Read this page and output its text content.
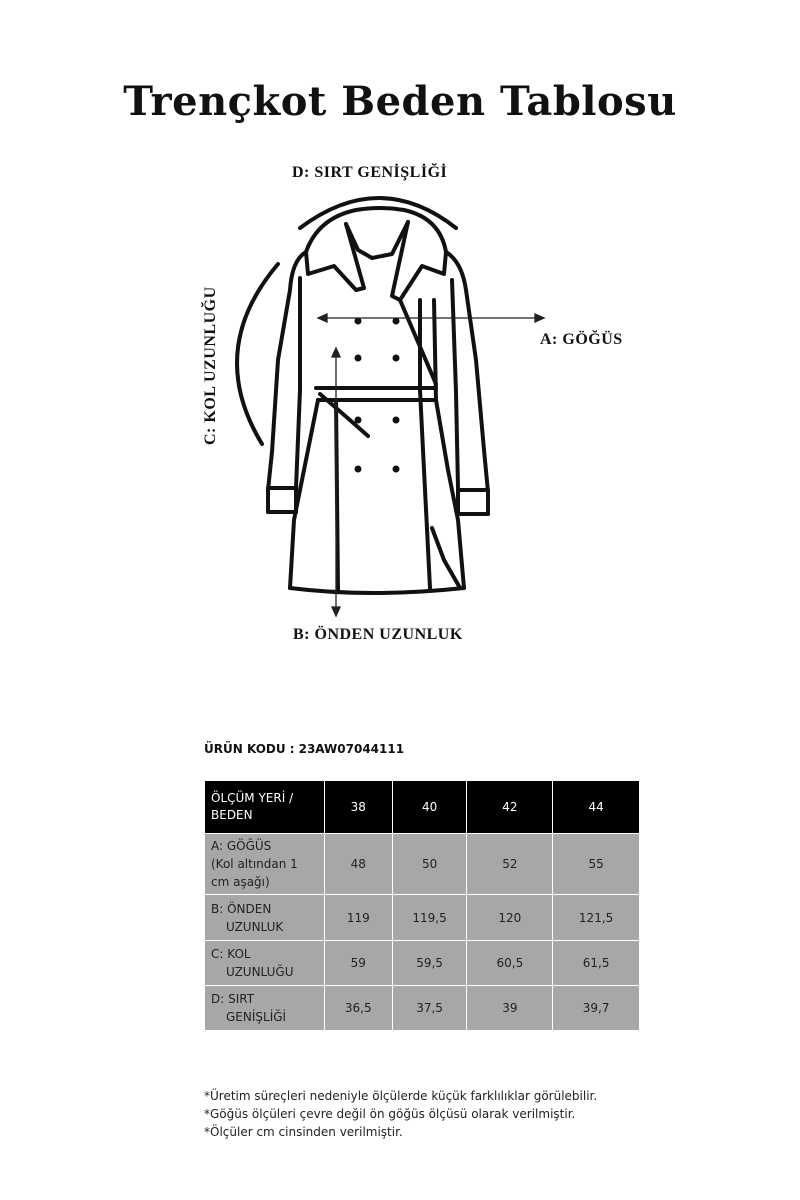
Trençkot Beden Tablosu
D: SIRT GENİŞLİĞİ
A: GÖĞÜS
B: ÖNDEN UZUNLUK
C: KOL UZUNLUĞU
ÜRÜN KODU : 23AW07044111
ÖLÇÜM YERİ /
BEDEN	38	40	42	44

A: GÖĞÜS
(Kol altından 1
cm aşağı)	48	50	52	55

B: ÖNDEN
UZUNLUK	119	119,5	120	121,5

C: KOL
UZUNLUĞU	59	59,5	60,5	61,5

D: SIRT
GENİŞLİĞİ	36,5	37,5	39	39,7
*Üretim süreçleri nedeniyle ölçülerde küçük farklılıklar görülebilir.
*Göğüs ölçüleri çevre değil ön göğüs ölçüsü olarak verilmiştir.
*Ölçüler cm cinsinden verilmiştir.
